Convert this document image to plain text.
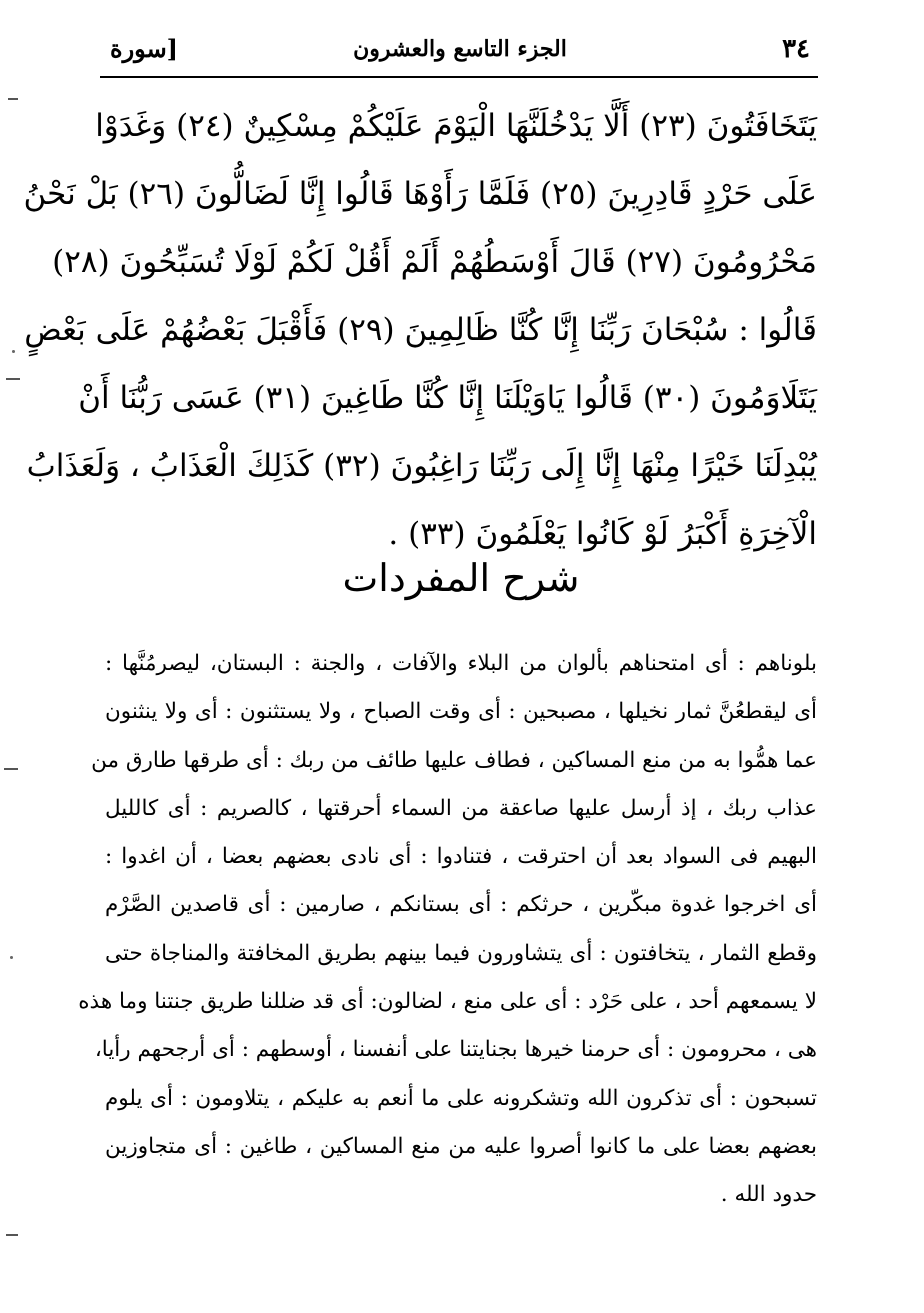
٣٤
الجزء التاسع والعشرون
[سورة
يَتَخَافَتُونَ (٢٣) أَلَّا يَدْخُلَنَّهَا الْيَوْمَ عَلَيْكُمْ مِسْكِينٌ (٢٤) وَغَدَوْا
عَلَى حَرْدٍ قَادِرِينَ (٢٥) فَلَمَّا رَأَوْهَا قَالُوا إِنَّا لَضَالُّونَ (٢٦) بَلْ نَحْنُ
مَحْرُومُونَ (٢٧) قَالَ أَوْسَطُهُمْ أَلَمْ أَقُلْ لَكُمْ لَوْلَا تُسَبِّحُونَ (٢٨)
قَالُوا : سُبْحَانَ رَبِّنَا إِنَّا كُنَّا ظَالِمِينَ (٢٩) فَأَقْبَلَ بَعْضُهُمْ عَلَى بَعْضٍ
يَتَلَاوَمُونَ (٣٠) قَالُوا يَاوَيْلَنَا إِنَّا كُنَّا طَاغِينَ (٣١) عَسَى رَبُّنَا أَنْ
يُبْدِلَنَا خَيْرًا مِنْهَا إِنَّا إِلَى رَبِّنَا رَاغِبُونَ (٣٢) كَذَلِكَ الْعَذَابُ ، وَلَعَذَابُ
الْآخِرَةِ أَكْبَرُ لَوْ كَانُوا يَعْلَمُونَ (٣٣) .
شرح المفردات
بلوناهم : أى امتحناهم بألوان من البلاء والآفات ، والجنة : البستان، ليصرمُنَّها :
أى ليقطعُنَّ ثمار نخيلها ، مصبحين : أى وقت الصباح ، ولا يستثنون : أى ولا ينثنون
عما همُّوا به من منع المساكين ، فطاف عليها طائف من ربك : أى طرقها طارق من
عذاب ربك ، إذ أرسل عليها صاعقة من السماء أحرقتها ، كالصريم : أى كالليل
البهيم فى السواد بعد أن احترقت ، فتنادوا : أى نادى بعضهم بعضا ، أن اغدوا :
أى اخرجوا غدوة مبكّرين ، حرثكم : أى بستانكم ، صارمين : أى قاصدين الصَّرْم
وقطع الثمار ، يتخافتون : أى يتشاورون فيما بينهم بطريق المخافتة والمناجاة حتى
لا يسمعهم أحد ، على حَرْد : أى على منع ، لضالون: أى قد ضللنا طريق جنتنا وما هذه
هى ، محرومون : أى حرمنا خيرها بجنايتنا على أنفسنا ، أوسطهم : أى أرجحهم رأيا،
تسبحون : أى تذكرون الله وتشكرونه على ما أنعم به عليكم ، يتلاومون : أى يلوم
بعضهم بعضا على ما كانوا أصروا عليه من منع المساكين ، طاغين : أى متجاوزين
حدود الله .
